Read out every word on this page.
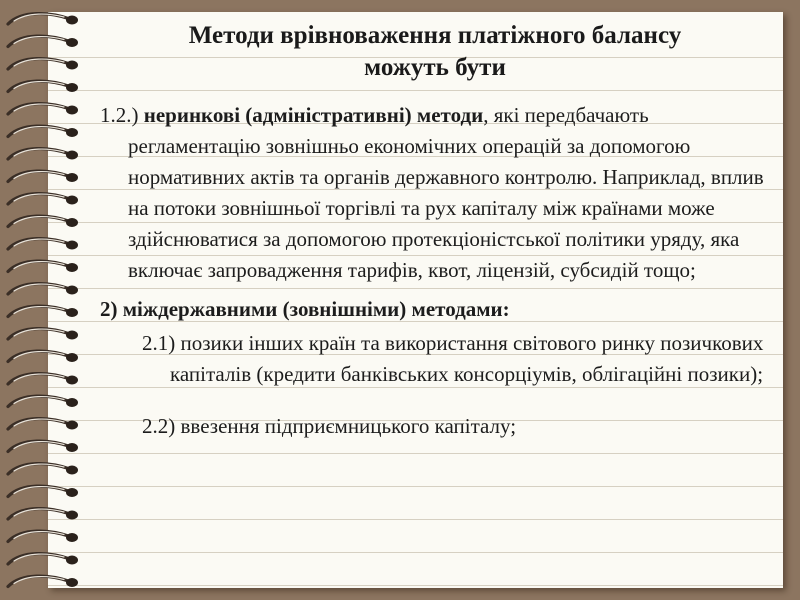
Методи врівноваження платіжного балансу
можуть бути

1.2.) неринкові (адміністративні) методи, які передбачають регламентацію зовнішньо економічних операцій за допомогою нормативних актів та органів державного контролю. Наприклад, вплив на потоки зовнішньої торгівлі та рух капіталу між країнами може здійснюватися за допомогою протекціоністської політики уряду, яка включає запровадження тарифів, квот, ліцензій, субсидій тощо;

2) міждержавними (зовнішніми) методами:

2.1) позики інших країн та використання світового ринку позичкових капіталів (кредити банківських консорціумів, облігаційні позики);

2.2) ввезення підприємницького капіталу;
